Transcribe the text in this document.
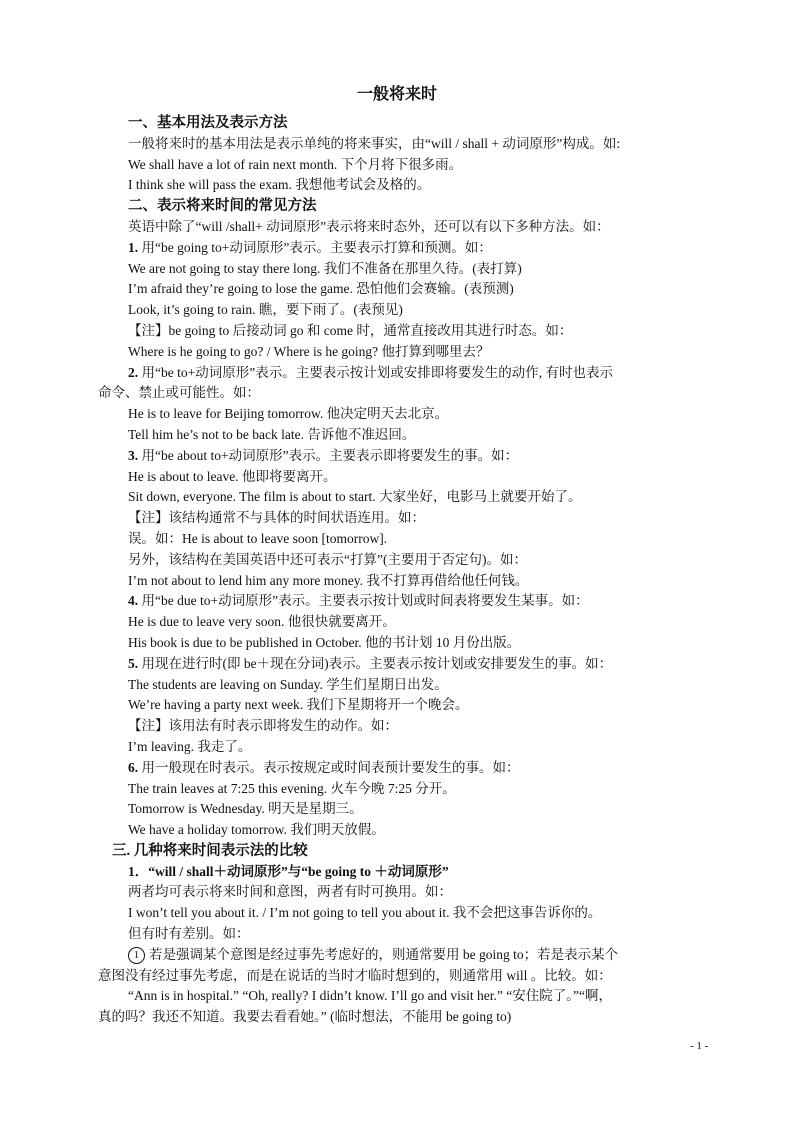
一般将来时
一、基本用法及表示方法
一般将来时的基本用法是表示单纯的将来事实，由“will / shall + 动词原形”构成。如:
We shall have a lot of rain next month. 下个月将下很多雨。
I think she will pass the exam. 我想他考试会及格的。
二、表示将来时间的常见方法
英语中除了“will /shall+ 动词原形”表示将来时态外，还可以有以下多种方法。如：
1. 用“be going to+动词原形”表示。主要表示打算和预测。如：
We are not going to stay there long. 我们不准备在那里久待。(表打算)
I’m afraid they’re going to lose the game. 恐怕他们会赛输。(表预测)
Look, it’s going to rain. 瞧，要下雨了。(表预见)
【注】be going to 后接动词 go 和 come 时，通常直接改用其进行时态。如：
Where is he going to go? / Where is he going? 他打算到哪里去？
2. 用“be to+动词原形”表示。主要表示按计划或安排即将要发生的动作, 有时也表示
命令、禁止或可能性。如：
He is to leave for Beijing tomorrow. 他决定明天去北京。
Tell him he’s not to be back late. 告诉他不准迟回。
3. 用“be about to+动词原形”表示。主要表示即将要发生的事。如：
He is about to leave. 他即将要离开。
Sit down, everyone. The film is about to start. 大家坐好，电影马上就要开始了。
【注】该结构通常不与具体的时间状语连用。如：
误。如：He is about to leave soon [tomorrow].
另外，该结构在美国英语中还可表示“打算”(主要用于否定句)。如：
I’m not about to lend him any more money. 我不打算再借给他任何钱。
4. 用“be due to+动词原形”表示。主要表示按计划或时间表将要发生某事。如：
He is due to leave very soon. 他很快就要离开。
His book is due to be published in October. 他的书计划 10 月份出版。
5. 用现在进行时(即 be＋现在分词)表示。主要表示按计划或安排要发生的事。如：
The students are leaving on Sunday. 学生们星期日出发。
We’re having a party next week. 我们下星期将开一个晚会。
【注】该用法有时表示即将发生的动作。如：
I’m leaving. 我走了。
6. 用一般现在时表示。表示按规定或时间表预计要发生的事。如：
The train leaves at 7:25 this evening. 火车今晚 7:25 分开。
Tomorrow is Wednesday. 明天是星期三。
We have a holiday tomorrow. 我们明天放假。
三. 几种将来时间表示法的比较
1．“will / shall＋动词原形”与“be going to ＋动词原形”
两者均可表示将来时间和意图，两者有时可换用。如：
I won’t tell you about it. / I’m not going to tell you about it. 我不会把这事告诉你的。
但有时有差别。如：
1 若是强调某个意图是经过事先考虑好的，则通常要用 be going to；若是表示某个
意图没有经过事先考虑，而是在说话的当时才临时想到的，则通常用 will 。比较。如：
“Ann is in hospital.” “Oh, really? I didn’t know. I’ll go and visit her.” “安住院了。”“啊，
真的吗？我还不知道。我要去看看她。” (临时想法，不能用 be going to)
- 1 -
